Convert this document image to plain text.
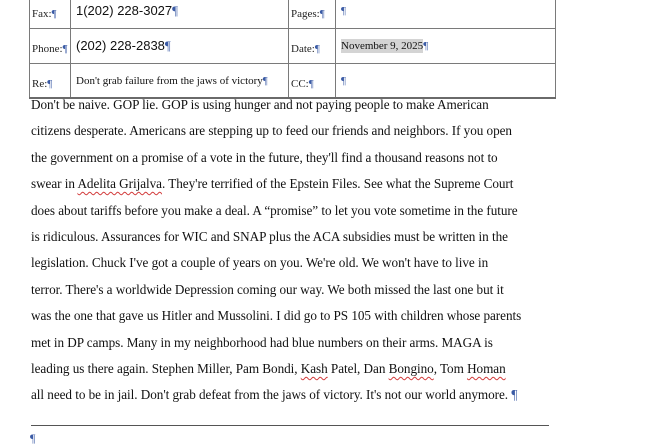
Fax:¶	1(202) 228-3027¶	Pages:¶	¶
Phone:¶	(202) 228-2838¶	Date:¶	November 9, 2025¶
Re:¶	Don't grab failure from the jaws of victory¶	CC:¶	¶
Don't be naive. GOP lie. GOP is using hunger and not paying people to make American
citizens desperate. Americans are stepping up to feed our friends and neighbors. If you open
the government on a promise of a vote in the future, they'll find a thousand reasons not to
swear in Adelita Grijalva. They're terrified of the Epstein Files. See what the Supreme Court
does about tariffs before you make a deal. A “promise” to let you vote sometime in the future
is ridiculous. Assurances for WIC and SNAP plus the ACA subsidies must be written in the
legislation. Chuck I've got a couple of years on you. We're old. We won't have to live in
terror. There's a worldwide Depression coming our way. We both missed the last one but it
was the one that gave us Hitler and Mussolini. I did go to PS 105 with children whose parents
met in DP camps. Many in my neighborhood had blue numbers on their arms. MAGA is
leading us there again. Stephen Miller, Pam Bondi, Kash Patel, Dan Bongino, Tom Homan
all need to be in jail. Don't grab defeat from the jaws of victory. It's not our world anymore. ¶
¶
